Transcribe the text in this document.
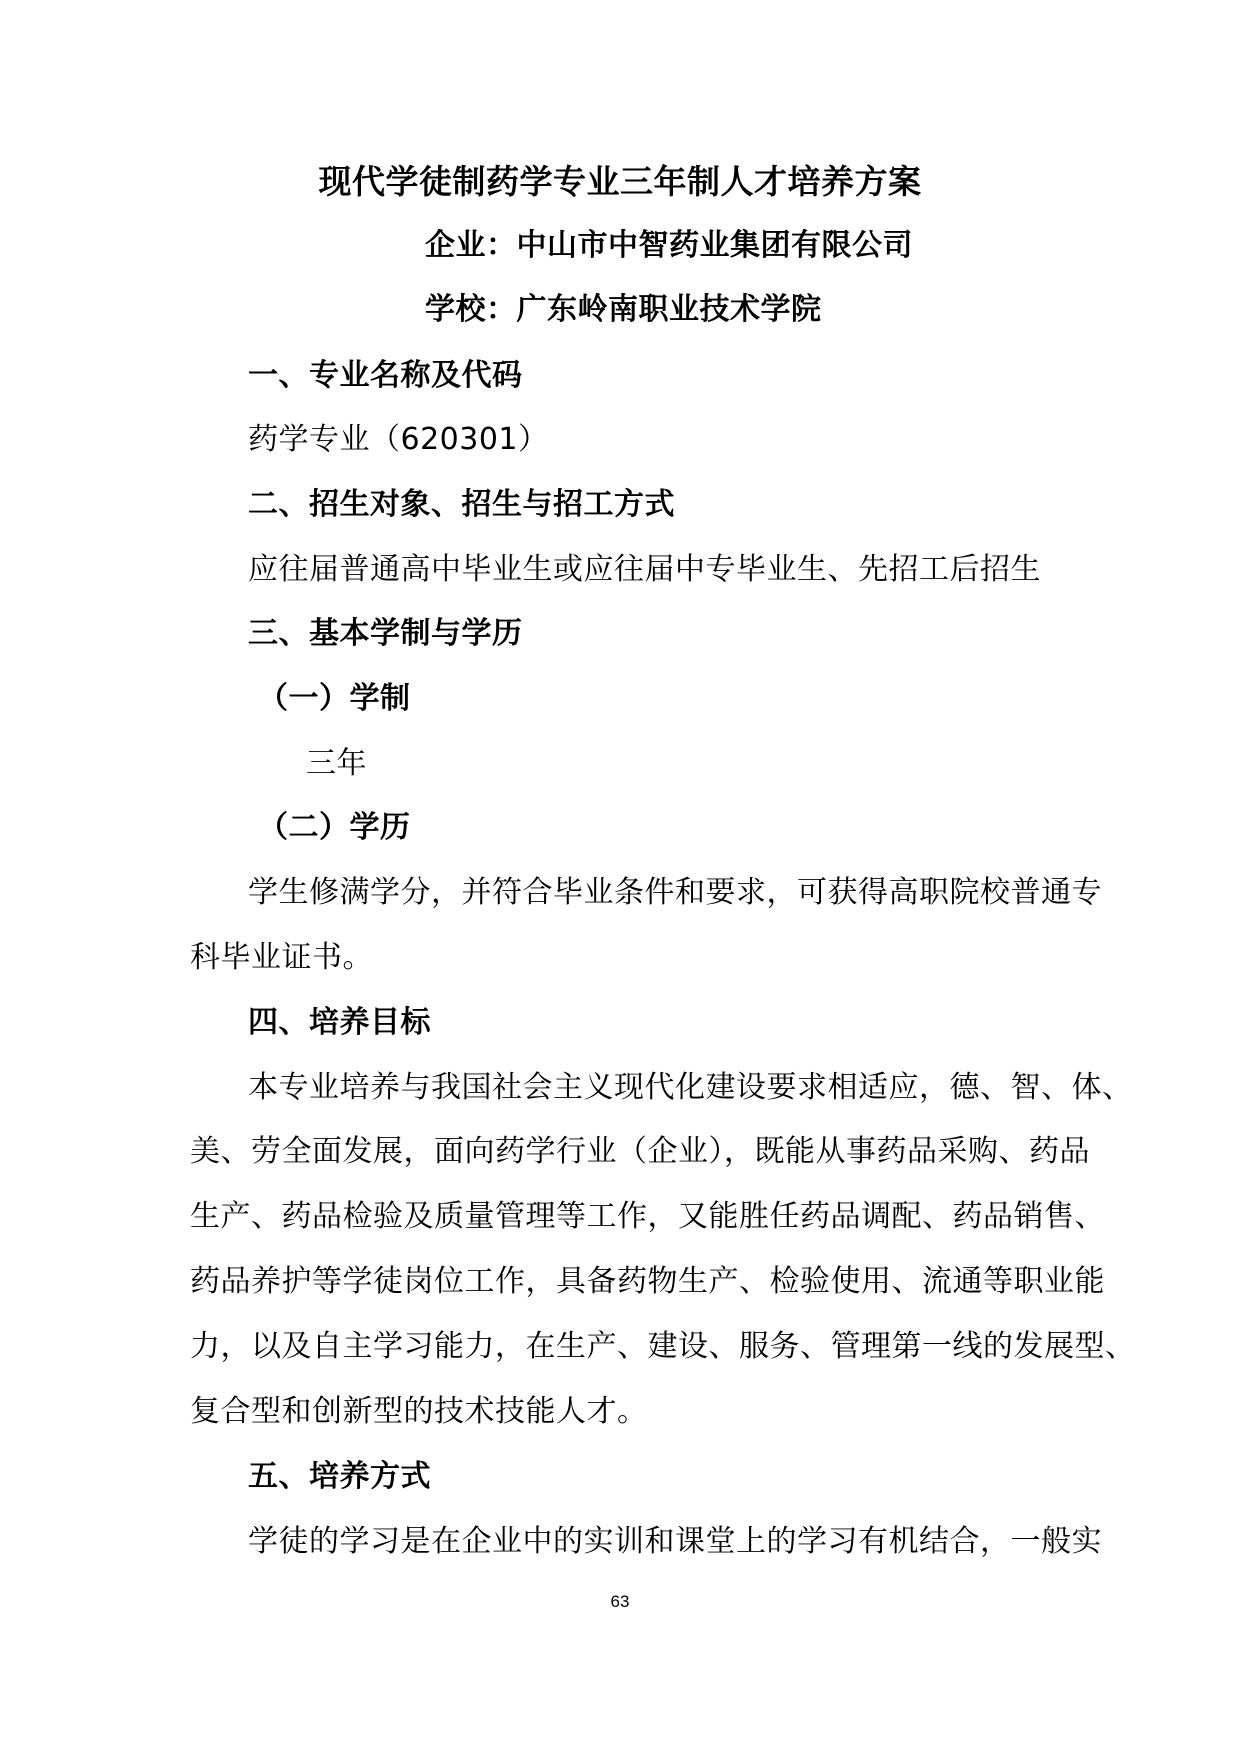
现代学徒制药学专业三年制人才培养方案
企业：中山市中智药业集团有限公司
学校：广东岭南职业技术学院
一、专业名称及代码
药学专业（620301）
二、招生对象、招生与招工方式
应往届普通高中毕业生或应往届中专毕业生、先招工后招生
三、基本学制与学历
（一）学制
三年
（二）学历
学生修满学分，并符合毕业条件和要求，可获得高职院校普通专
科毕业证书。
四、培养目标
本专业培养与我国社会主义现代化建设要求相适应，德、智、体、
美、劳全面发展，面向药学行业（企业），既能从事药品采购、药品
生产、药品检验及质量管理等工作，又能胜任药品调配、药品销售、
药品养护等学徒岗位工作，具备药物生产、检验使用、流通等职业能
力，以及自主学习能力，在生产、建设、服务、管理第一线的发展型、
复合型和创新型的技术技能人才。
五、培养方式
学徒的学习是在企业中的实训和课堂上的学习有机结合，一般实
63
